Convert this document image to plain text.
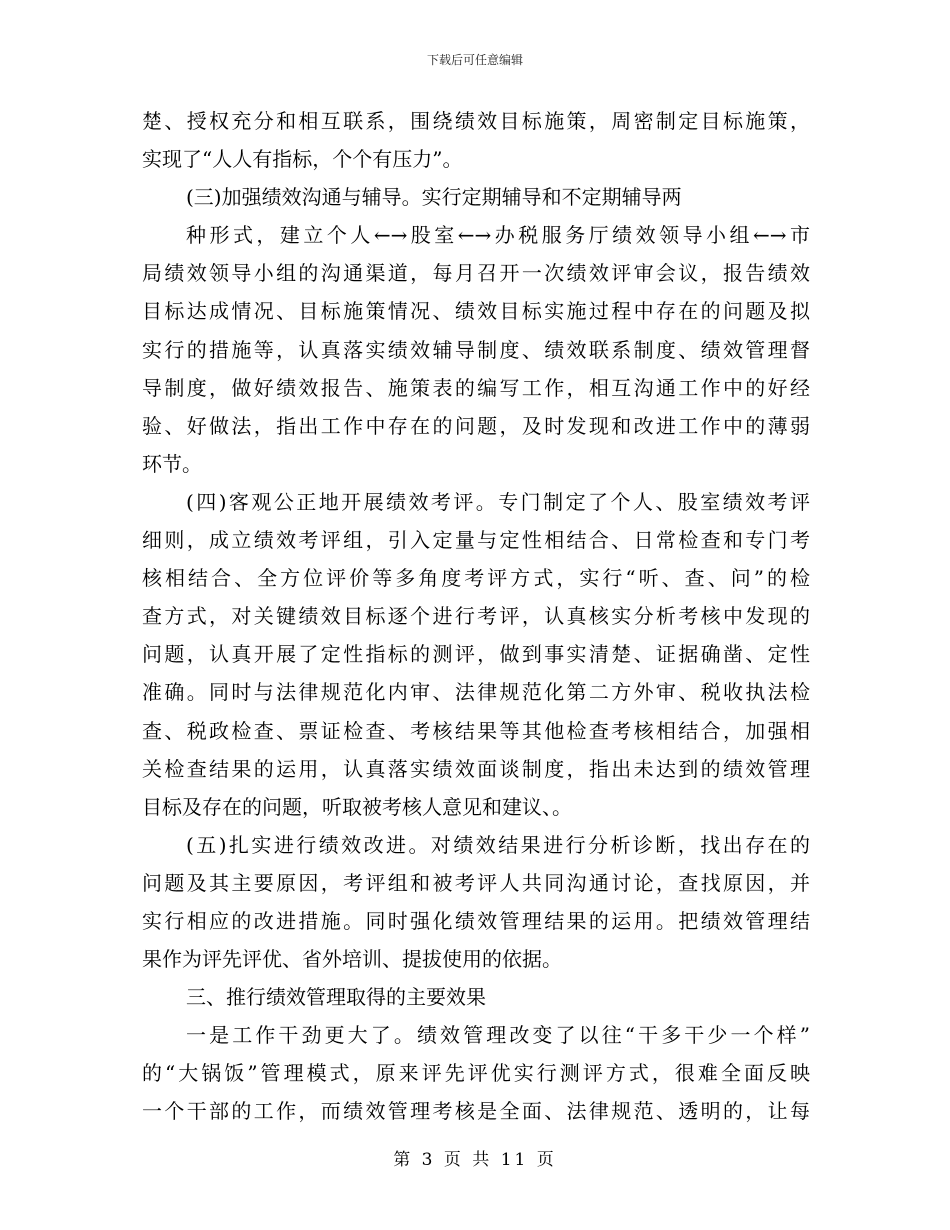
下载后可任意编辑
楚、授权充分和相互联系，围绕绩效目标施策，周密制定目标施策，
实现了“人人有指标，个个有压力”。
(三)加强绩效沟通与辅导。实行定期辅导和不定期辅导两
种形式，建立个人←→股室←→办税服务厅绩效领导小组←→市
局绩效领导小组的沟通渠道，每月召开一次绩效评审会议，报告绩效
目标达成情况、目标施策情况、绩效目标实施过程中存在的问题及拟
实行的措施等，认真落实绩效辅导制度、绩效联系制度、绩效管理督
导制度，做好绩效报告、施策表的编写工作，相互沟通工作中的好经
验、好做法，指出工作中存在的问题，及时发现和改进工作中的薄弱
环节。
(四)客观公正地开展绩效考评。专门制定了个人、股室绩效考评
细则，成立绩效考评组，引入定量与定性相结合、日常检查和专门考
核相结合、全方位评价等多角度考评方式，实行“听、查、问”的检
查方式，对关键绩效目标逐个进行考评，认真核实分析考核中发现的
问题，认真开展了定性指标的测评，做到事实清楚、证据确凿、定性
准确。同时与法律规范化内审、法律规范化第二方外审、税收执法检
查、税政检查、票证检查、考核结果等其他检查考核相结合，加强相
关检查结果的运用，认真落实绩效面谈制度，指出未达到的绩效管理
目标及存在的问题，听取被考核人意见和建议、。
(五)扎实进行绩效改进。对绩效结果进行分析诊断，找出存在的
问题及其主要原因，考评组和被考评人共同沟通讨论，查找原因，并
实行相应的改进措施。同时强化绩效管理结果的运用。把绩效管理结
果作为评先评优、省外培训、提拔使用的依据。
三、推行绩效管理取得的主要效果
一是工作干劲更大了。绩效管理改变了以往“干多干少一个样”
的“大锅饭”管理模式，原来评先评优实行测评方式，很难全面反映
一个干部的工作，而绩效管理考核是全面、法律规范、透明的，让每
第 3 页 共 11 页
